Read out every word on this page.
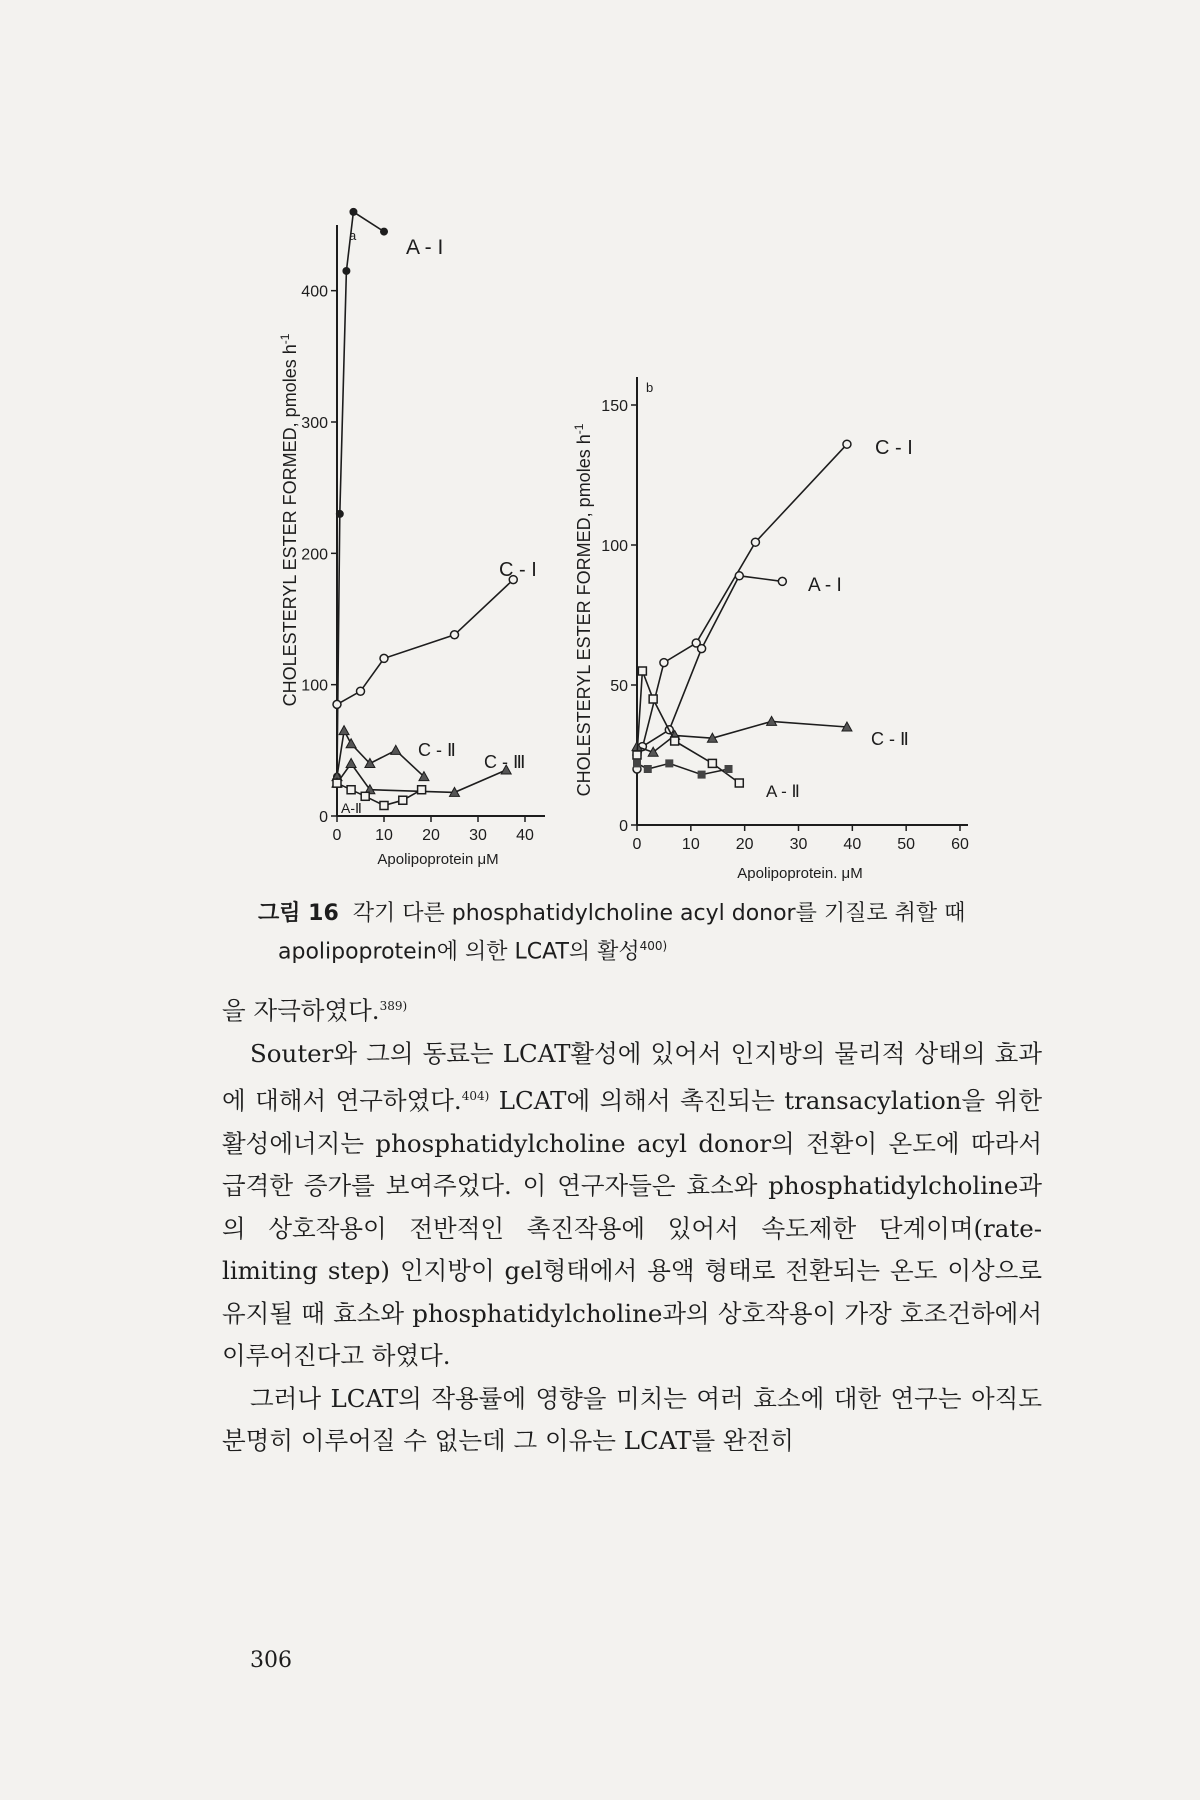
0
100
200
300
400
0 10 20 30 40
a
A - I
C - I
C - Ⅱ
C - Ⅲ
A-Ⅱ
CHOLESTERYL ESTER FORMED, pmoles $h^{-1}$
Apolipoprotein μM
0
50
100
150
0	10 20 30 40 50 60
b
C - I
A - I
C - Ⅱ
A - Ⅱ
CHOLESTERYL ESTER FORMED, pmoles $h^{-1}$
Apolipoprotein. μM
그림 16 각기 다른 phosphatidylcholine acyl donor를 기질로 취할 때
apolipoprotein에 의한 LCAT의 활성$^{400)}$

을 자극하였다.$^{389)}$

Souter와 그의 동료는 LCAT활성에 있어서 인지방의 물리적 상태의 효과에 대해서 연구하였다.$^{404)}$ LCAT에 의해서 촉진되는 transacylation을 위한 활성에너지는 phosphatidylcholine acyl donor의 전환이 온도에 따라서 급격한 증가를 보여주었다. 이 연구자들은 효소와 phosphatidylcholine과의 상호작용이 전반적인 촉진작용에 있어서 속도제한 단계이며(rate-limiting step) 인지방이 gel형태에서 용액 형태로 전환되는 온도 이상으로 유지될 때 효소와 phosphatidylcholine과의 상호작용이 가장 호조건하에서 이루어진다고 하였다.

그러나 LCAT의 작용률에 영향을 미치는 여러 효소에 대한 연구는 아직도 분명히 이루어질 수 없는데 그 이유는 LCAT를 완전히

306
